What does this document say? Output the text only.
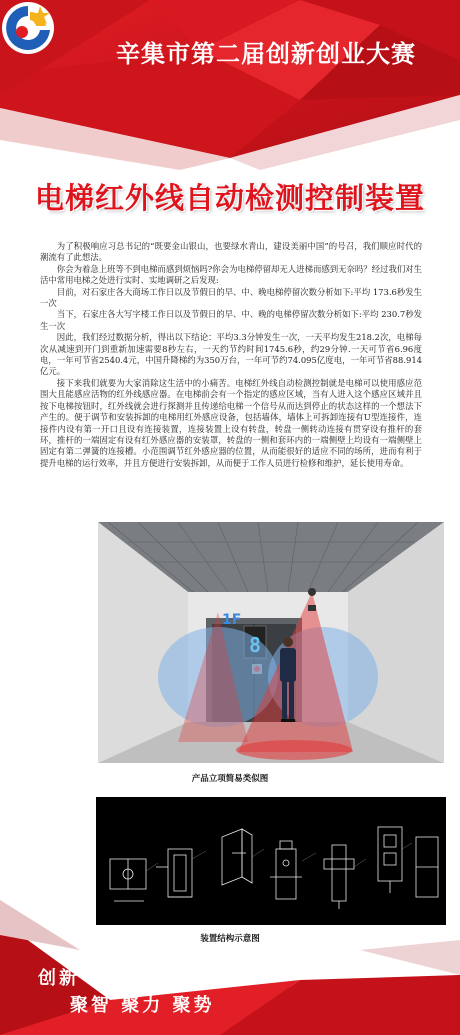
辛集市第二届创新创业大赛
电梯红外线自动检测控制装置

为了积极响应习总书记的“既要金山银山，也要绿水青山，建设美丽中国”的号召，我们顺应时代的潮流有了此想法。

你会为着急上班等不到电梯而感到烦恼吗?你会为电梯停留却无人进梯而感到无奈吗？经过我们对生活中常用电梯之处进行实时、实地调研之后发现:

目前，对石家庄各大商场工作日以及节假日的早、中、晚电梯停留次数分析如下:平均 173.6秒发生一次

当下，石家庄各大写字楼工作日以及节假日的早、中、晚的电梯停留次数分析如下:平均 230.7秒发生一次

因此，我们经过数据分析，得出以下结论：平均3.3分钟发生一次，一天平均发生218.2次，电梯每次从减速到开门到重新加速需要8秒左右，一天约节约时间1745.6秒，约29分钟.一天可节省6.96度电，一年可节省2540.4元，中国升降梯约为350万台，一年可节约74.095亿度电，一年可节省88.914亿元。

接下来我们就要为大家消除这生活中的小痛苦。电梯红外线自动检测控制就是电梯可以使用感应范围大且能感应活物的红外线感应器。在电梯前会有一个指定的感应区域，当有人进入这个感应区域并且按下电梯按钮时，红外线就会进行探测并且传递给电梯一个信号从而达到停止的状态这样的一个想法下产生的。便于调节和安装拆卸的电梯用红外感应设备，包括墙体，墙体上可拆卸连接有U型连接件，连接件内设有第一开口且设有连接装置，连接装置上设有转盘，转盘一侧转动连接有贯穿设有推杆的套环，推杆的一端固定有设有红外感应器的安装罩，转盘的一侧和套环内的一端侧壁上均设有一端侧壁上固定有第二弹簧的连接槽。小范围调节红外感应器的位置，从而能很好的适应不同的场所，进而有利于提升电梯的运行效率，并且方便进行安装拆卸，从而便于工作人员进行检修和维护，延长使用寿命。

1F
产品立项简易类似图
装置结构示意图
创新 创业 创造
聚智 聚力 聚势
